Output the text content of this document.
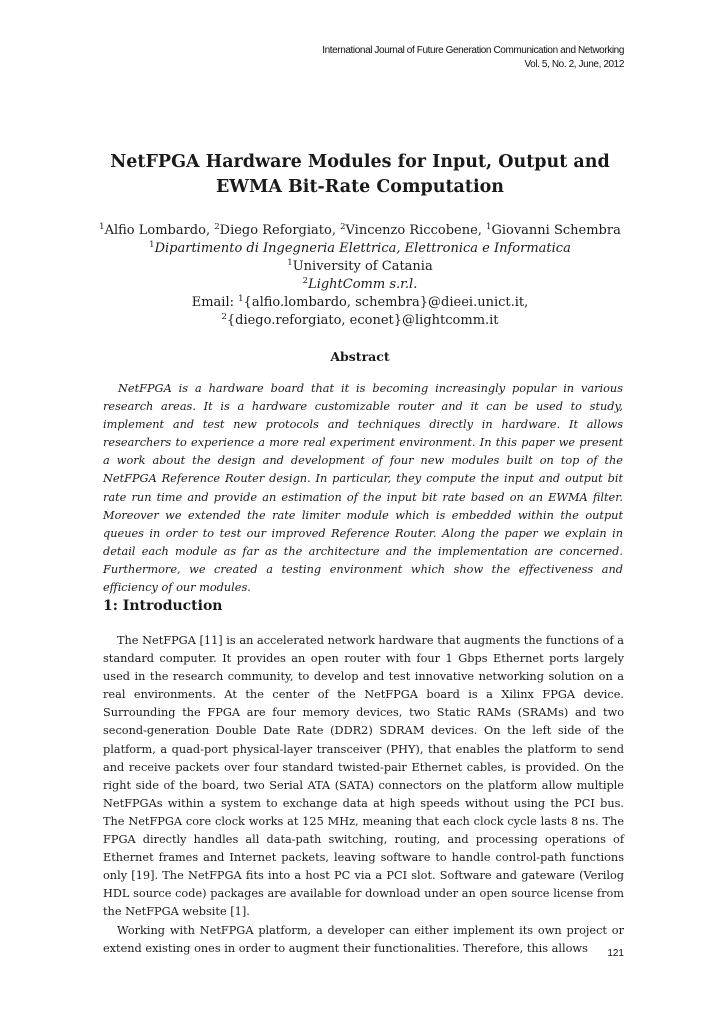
International Journal of Future Generation Communication and Networking
Vol. 5, No. 2, June, 2012
NetFPGA Hardware Modules for Input, Output and
EWMA Bit-Rate Computation

$^1$Alfio Lombardo, $^2$Diego Reforgiato, $^2$Vincenzo Riccobene, $^1$Giovanni Schembra

$^1$Dipartimento di Ingegneria Elettrica, Elettronica e Informatica

$^1$University of Catania

$^2$LightComm s.r.l.

Email: $^1${alfio.lombardo, schembra}@dieei.unict.it,

$^2${diego.reforgiato, econet}@lightcomm.it

Abstract

NetFPGA is a hardware board that it is becoming increasingly popular in various research areas. It is a hardware customizable router and it can be used to study, implement and test new protocols and techniques directly in hardware. It allows researchers to experience a more real experiment environment. In this paper we present a work about the design and development of four new modules built on top of the NetFPGA Reference Router design. In particular, they compute the input and output bit rate run time and provide an estimation of the input bit rate based on an EWMA filter. Moreover we extended the rate limiter module which is embedded within the output queues in order to test our improved Reference Router. Along the paper we explain in detail each module as far as the architecture and the implementation are concerned. Furthermore, we created a testing environment which show the effectiveness and efficiency of our modules.

1: Introduction

The NetFPGA [11] is an accelerated network hardware that augments the functions of a standard computer. It provides an open router with four 1 Gbps Ethernet ports largely used in the research community, to develop and test innovative networking solution on a real environments. At the center of the NetFPGA board is a Xilinx FPGA device. Surrounding the FPGA are four memory devices, two Static RAMs (SRAMs) and two second-generation Double Date Rate (DDR2) SDRAM devices. On the left side of the platform, a quad-port physical-layer transceiver (PHY), that enables the platform to send and receive packets over four standard twisted-pair Ethernet cables, is provided. On the right side of the board, two Serial ATA (SATA) connectors on the platform allow multiple NetFPGAs within a system to exchange data at high speeds without using the PCI bus. The NetFPGA core clock works at 125 MHz, meaning that each clock cycle lasts 8 ns. The FPGA directly handles all data-path switching, routing, and processing operations of Ethernet frames and Internet packets, leaving software to handle control-path functions only [19]. The NetFPGA fits into a host PC via a PCI slot. Software and gateware (Verilog HDL source code) packages are available for download under an open source license from the NetFPGA website [1].

Working with NetFPGA platform, a developer can either implement its own project or extend existing ones in order to augment their functionalities. Therefore, this allows	121
